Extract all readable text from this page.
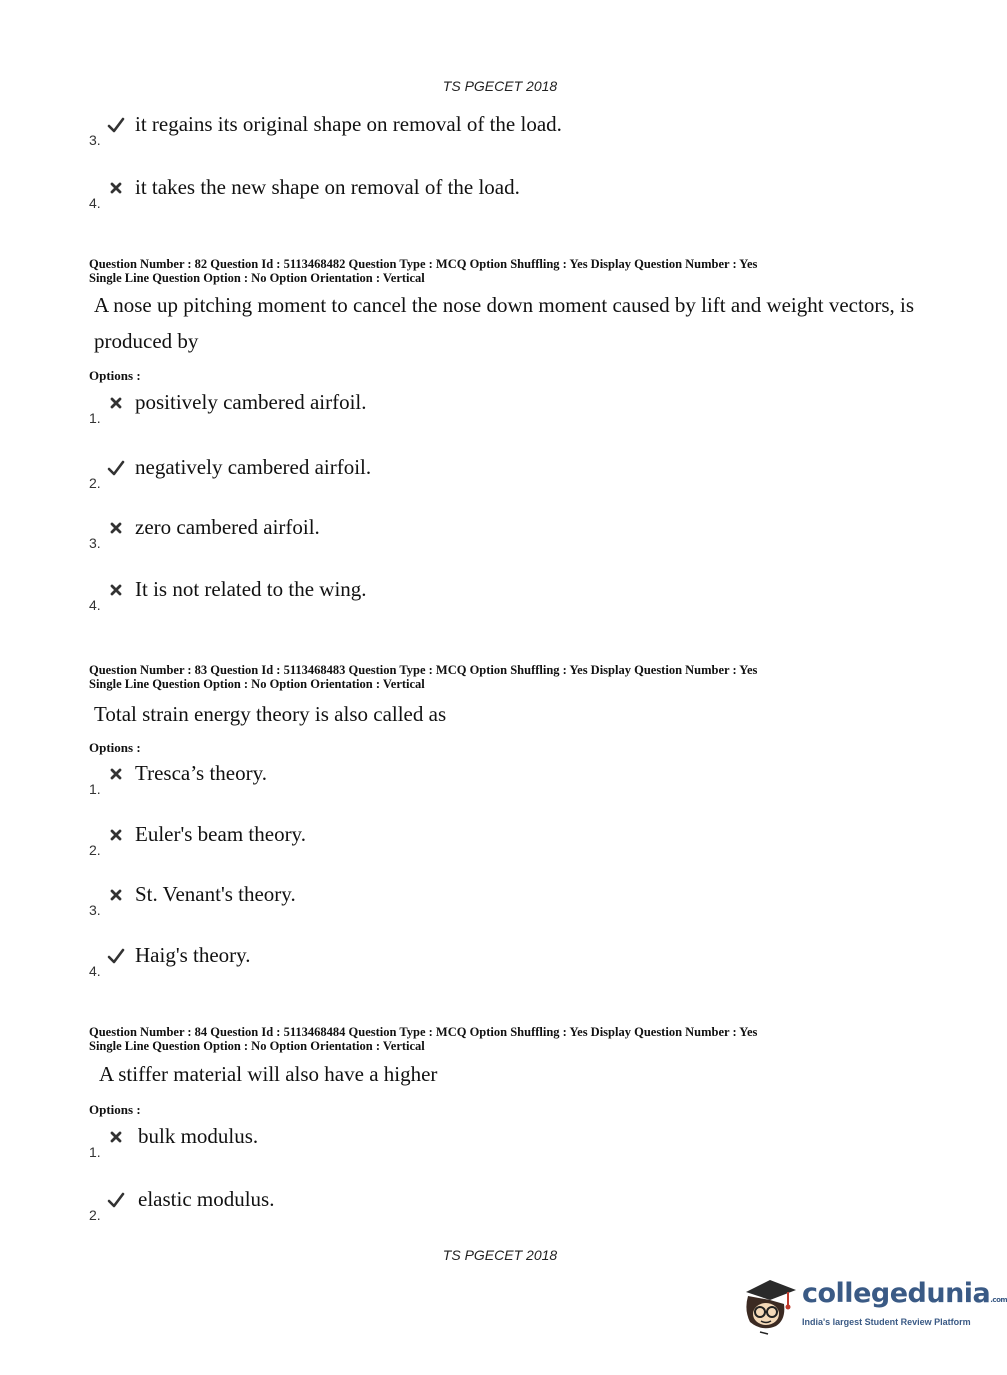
TS PGECET 2018
3.
it regains its original shape on removal of the load.
4.
it takes the new shape on removal of the load.
Question Number : 82 Question Id : 5113468482 Question Type : MCQ Option Shuffling : Yes Display Question Number : Yes
Single Line Question Option : No Option Orientation : Vertical
A nose up pitching moment to cancel the nose down moment caused by lift and weight vectors, is
produced by
Options :
1.
positively cambered airfoil.
2.
negatively cambered airfoil.
3.
zero cambered airfoil.
4.
It is not related to the wing.
Question Number : 83 Question Id : 5113468483 Question Type : MCQ Option Shuffling : Yes Display Question Number : Yes
Single Line Question Option : No Option Orientation : Vertical
Total strain energy theory is also called as
Options :
1.
Tresca’s theory.
2.
Euler's beam theory.
3.
St. Venant's theory.
4.
Haig's theory.
Question Number : 84 Question Id : 5113468484 Question Type : MCQ Option Shuffling : Yes Display Question Number : Yes
Single Line Question Option : No Option Orientation : Vertical
A stiffer material will also have a higher
Options :
1.
bulk modulus.
2.
elastic modulus.
TS PGECET 2018
collegedunia.com
India's largest Student Review Platform
